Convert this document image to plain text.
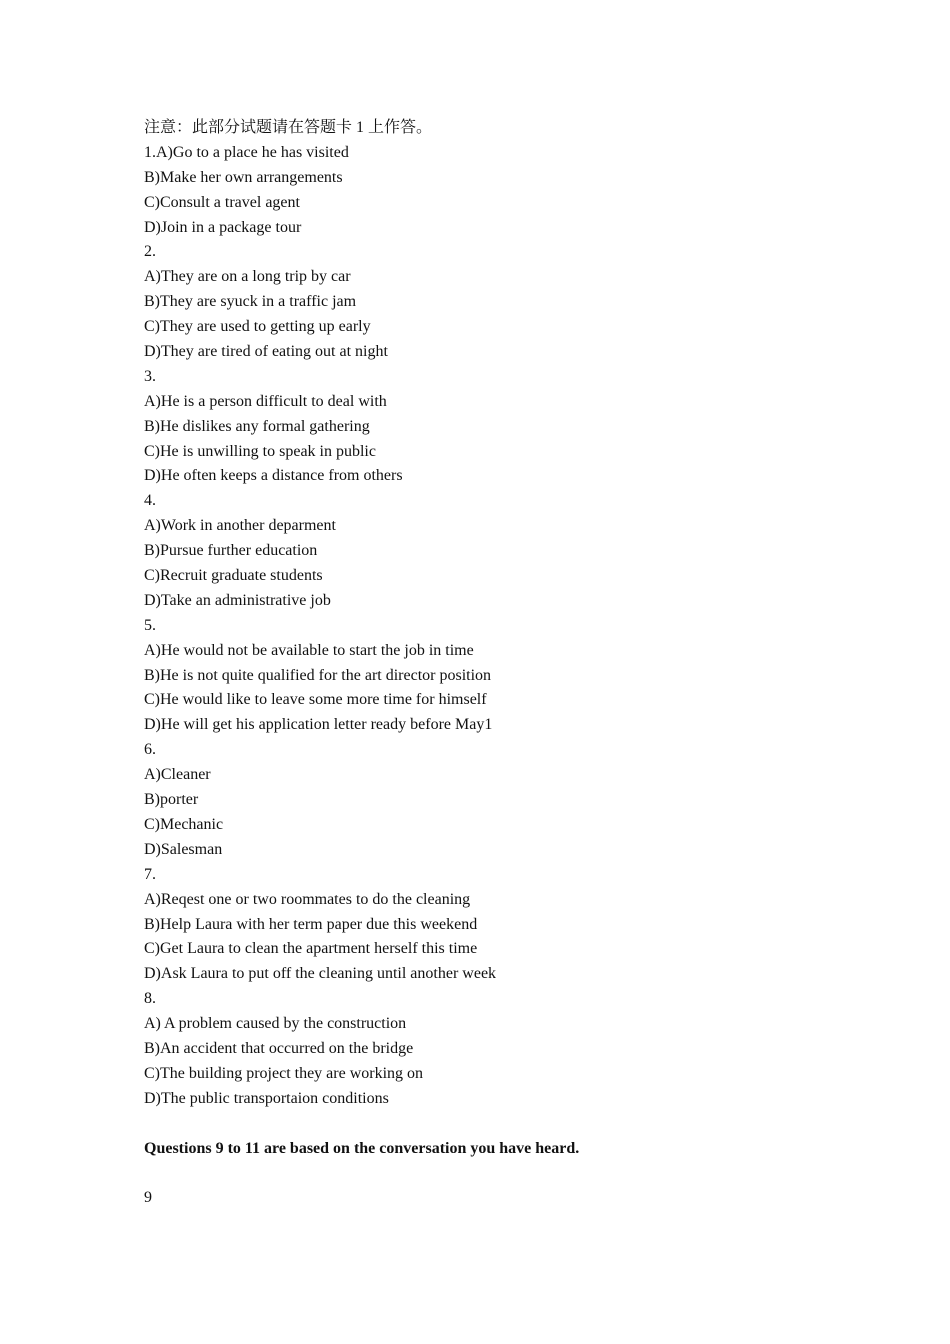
注意：此部分试题请在答题卡 1 上作答。
1.A)Go to a place he has visited
B)Make her own arrangements
C)Consult a travel agent
D)Join in a package tour
2.
A)They are on a long trip by car
B)They are syuck in a traffic jam
C)They are used to getting up early
D)They are tired of eating out at night
3.
A)He is a person difficult to deal with
B)He dislikes any formal gathering
C)He is unwilling to speak in public
D)He often keeps a distance from others
4.
A)Work in another deparment
B)Pursue further education
C)Recruit graduate students
D)Take an administrative job
5.
A)He would not be available to start the job in time
B)He is not quite qualified for the art director position
C)He would like to leave some more time for himself
D)He will get his application letter ready before May1
6.
A)Cleaner
B)porter
C)Mechanic
D)Salesman
7.
A)Reqest one or two roommates to do the cleaning
B)Help Laura with her term paper due this weekend
C)Get Laura to clean the apartment herself this time
D)Ask Laura to put off the cleaning until another week
8.
A) A problem caused by the construction
B)An accident that occurred on the bridge
C)The building project they are working on
D)The public transportaion conditions
Questions 9 to 11 are based on the conversation you have heard.
9
